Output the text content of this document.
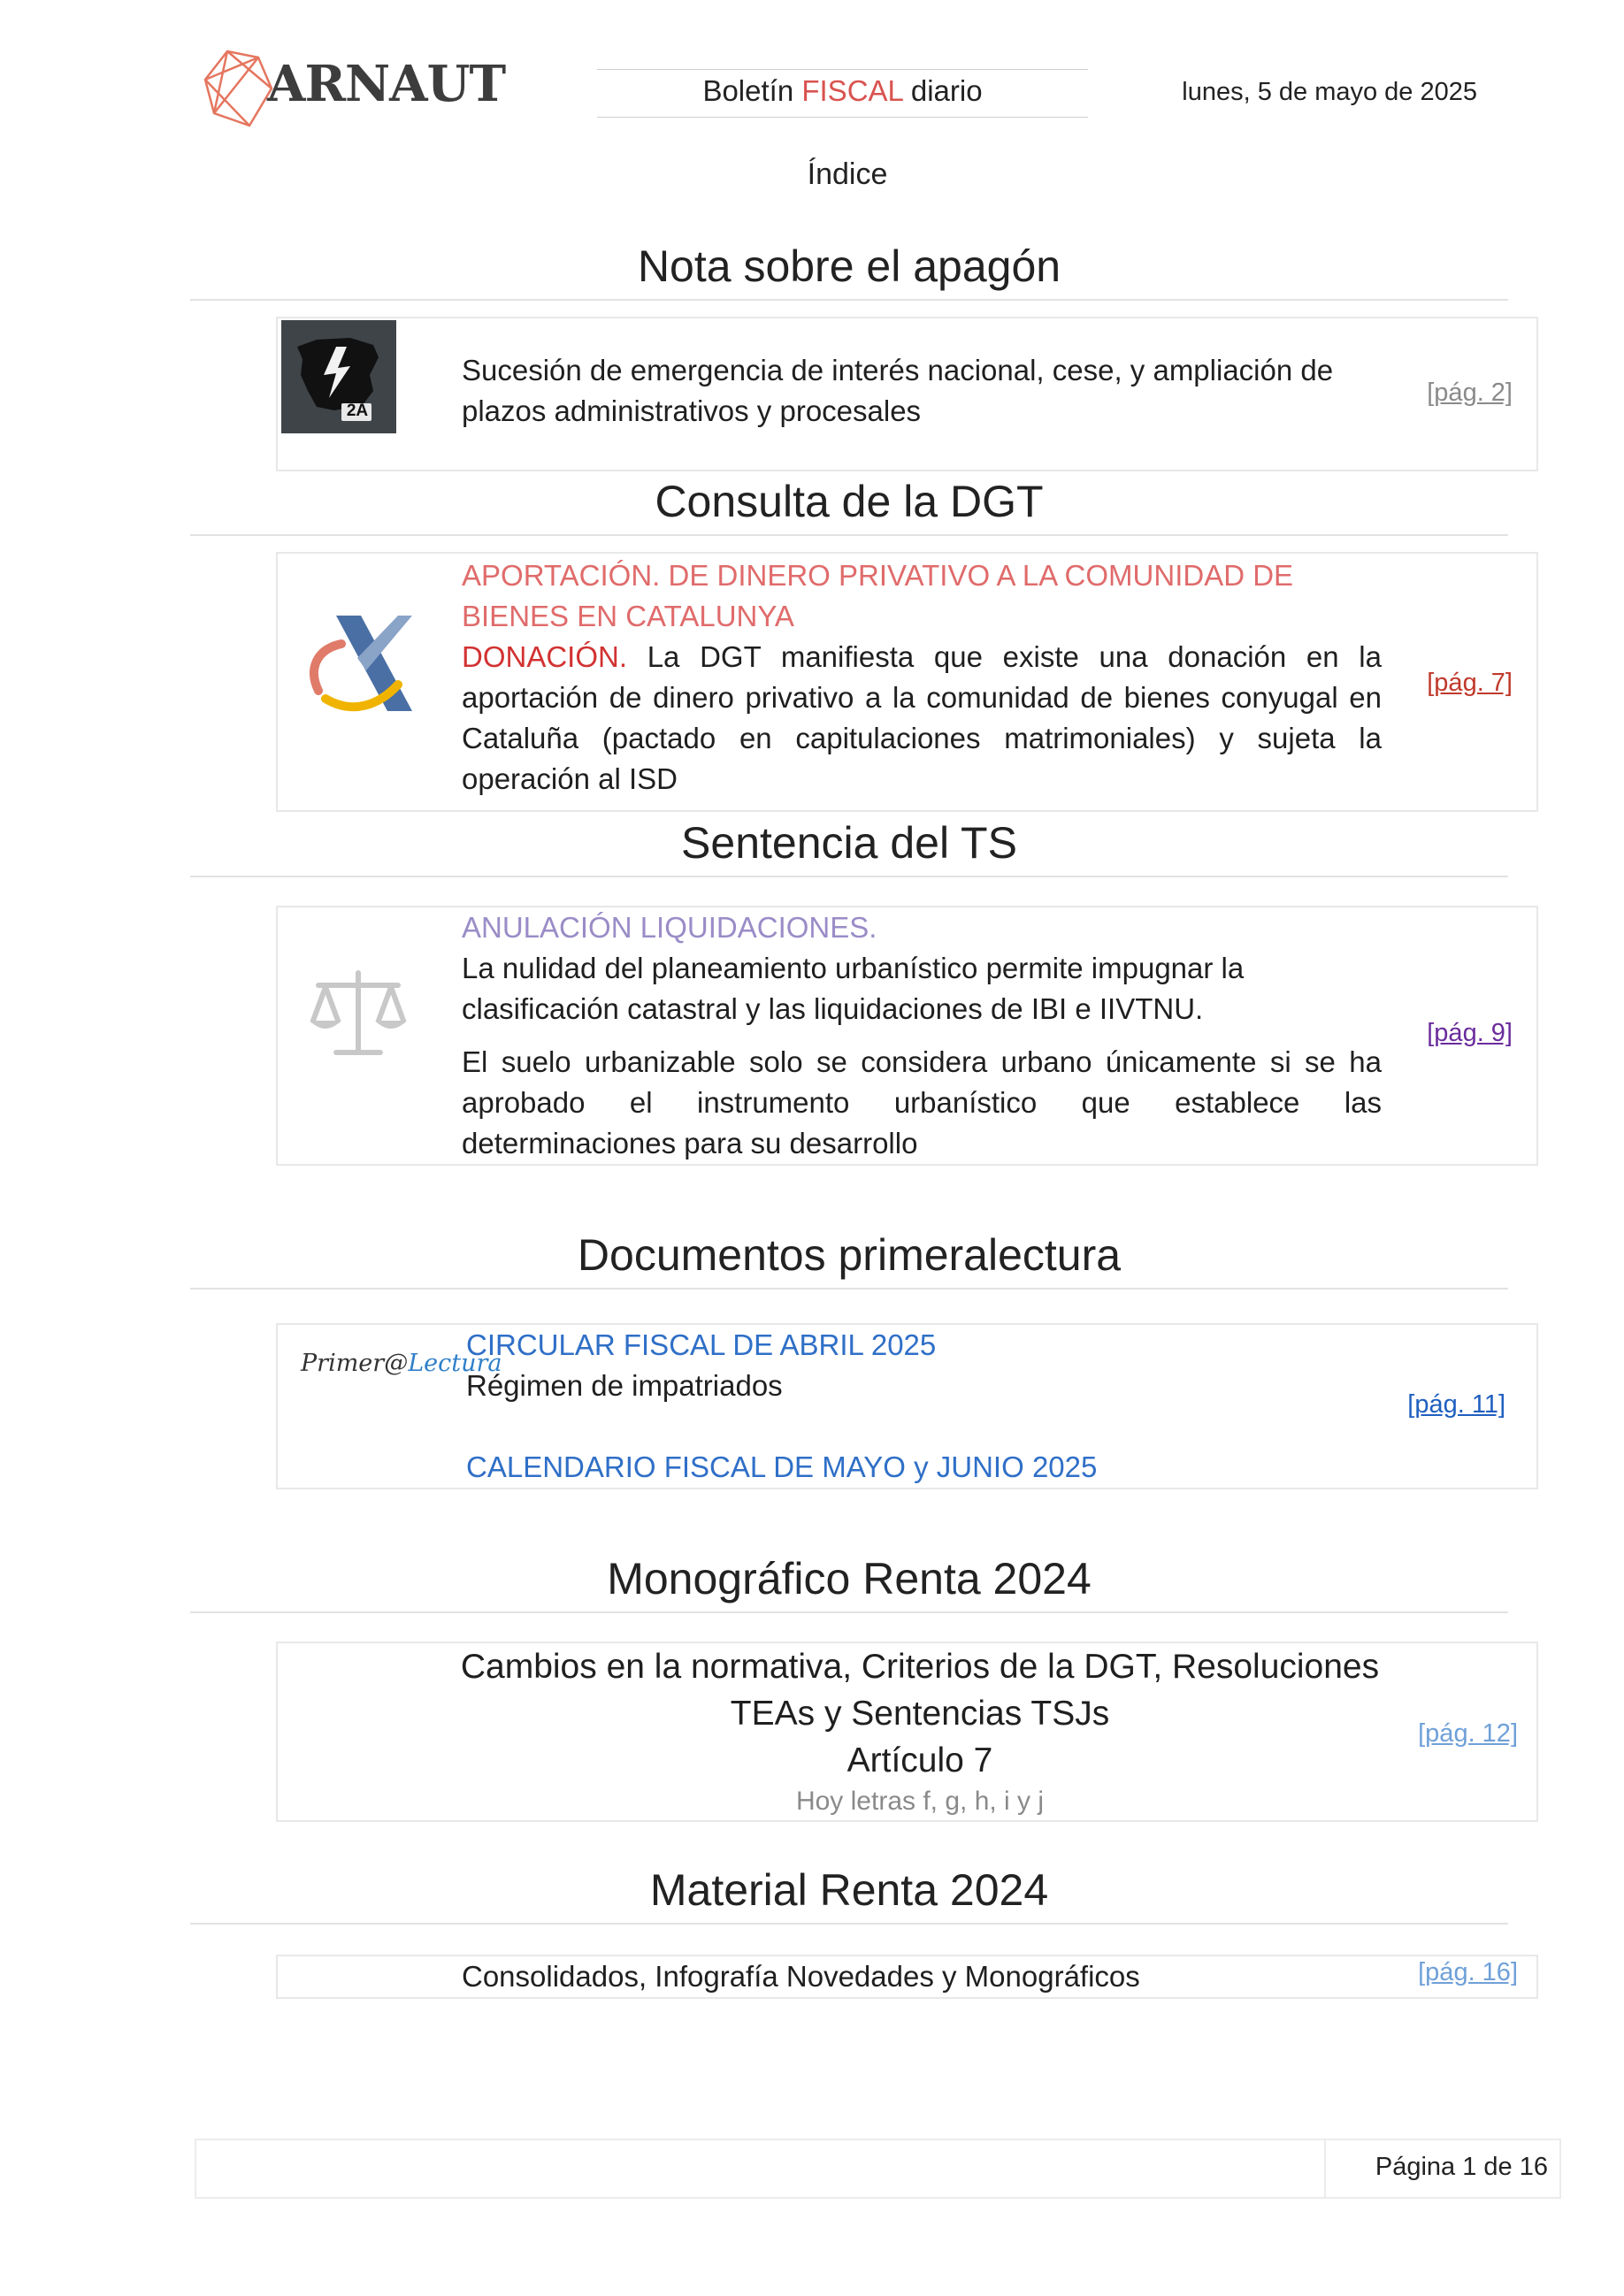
ARNAUT	Boletín FISCAL diario	lunes, 5 de mayo de 2025
Índice
Nota sobre el apagón
2A
Sucesión de emergencia de interés nacional, cese, y ampliación de
plazos administrativos y procesales
[pág. 2]
Consulta de la DGT
APORTACIÓN. DE DINERO PRIVATIVO A LA COMUNIDAD DE BIENES EN CATALUNYA
DONACIÓN. La DGT manifiesta que existe una donación en la aportación de dinero privativo a la comunidad de bienes conyugal en Cataluña (pactado en capitulaciones matrimoniales) y sujeta la operación al ISD
[pág. 7]
Sentencia del TS
ANULACIÓN LIQUIDACIONES.
La nulidad del planeamiento urbanístico permite impugnar la clasificación catastral y las liquidaciones de IBI e IIVTNU.
El suelo urbanizable solo se considera urbano únicamente si se ha aprobado el instrumento urbanístico que establece las determinaciones para su desarrollo
[pág. 9]
Documentos primeralectura
Primer@Lectura
CIRCULAR FISCAL DE ABRIL 2025
Régimen de impatriados
CALENDARIO FISCAL DE MAYO y JUNIO 2025
[pág. 11]
Monográfico Renta 2024
Cambios en la normativa, Criterios de la DGT, Resoluciones
TEAs y Sentencias TSJs
Artículo 7
Hoy letras f, g, h, i y j
[pág. 12]
Material Renta 2024
Consolidados, Infografía Novedades y Monográficos	[pág. 16]
Página 1 de 16
